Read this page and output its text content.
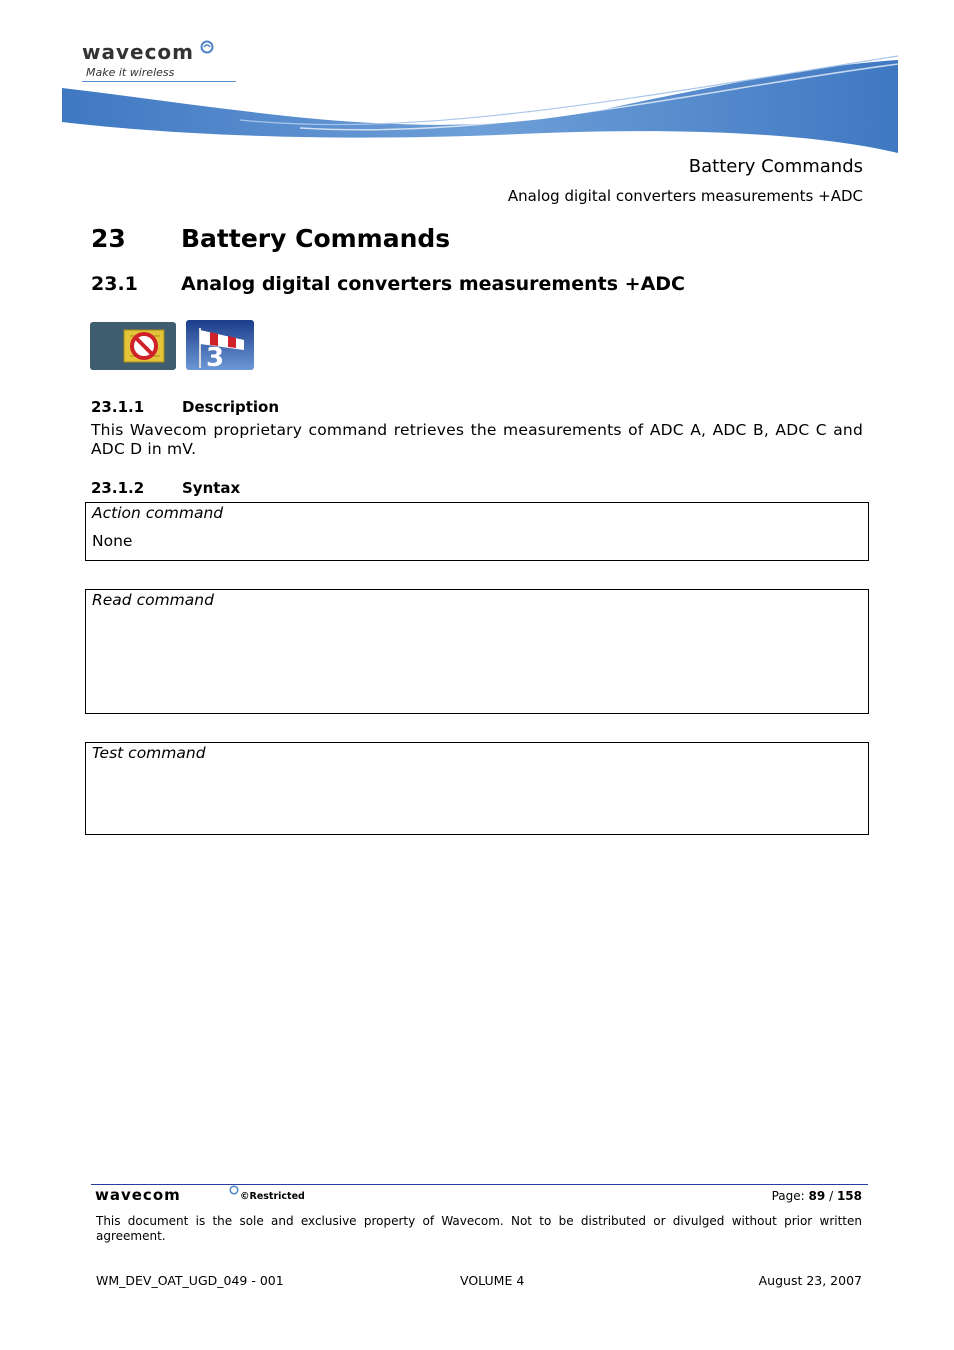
wavecom
Make it wireless
Battery Commands
Analog digital converters measurements +ADC
23 Battery Commands
23.1 Analog digital converters measurements +ADC
3
23.1.1	Description
This Wavecom proprietary command retrieves the measurements of ADC A, ADC B, ADC C and ADC D in mV.
23.1.2	Syntax
Action command
None
Read command
Test command
wavecom	©Restricted	Page: 89 / 158
This document is the sole and exclusive property of Wavecom. Not to be distributed or divulged without prior written agreement.
WM_DEV_OAT_UGD_049 - 001	VOLUME 4	August 23, 2007
